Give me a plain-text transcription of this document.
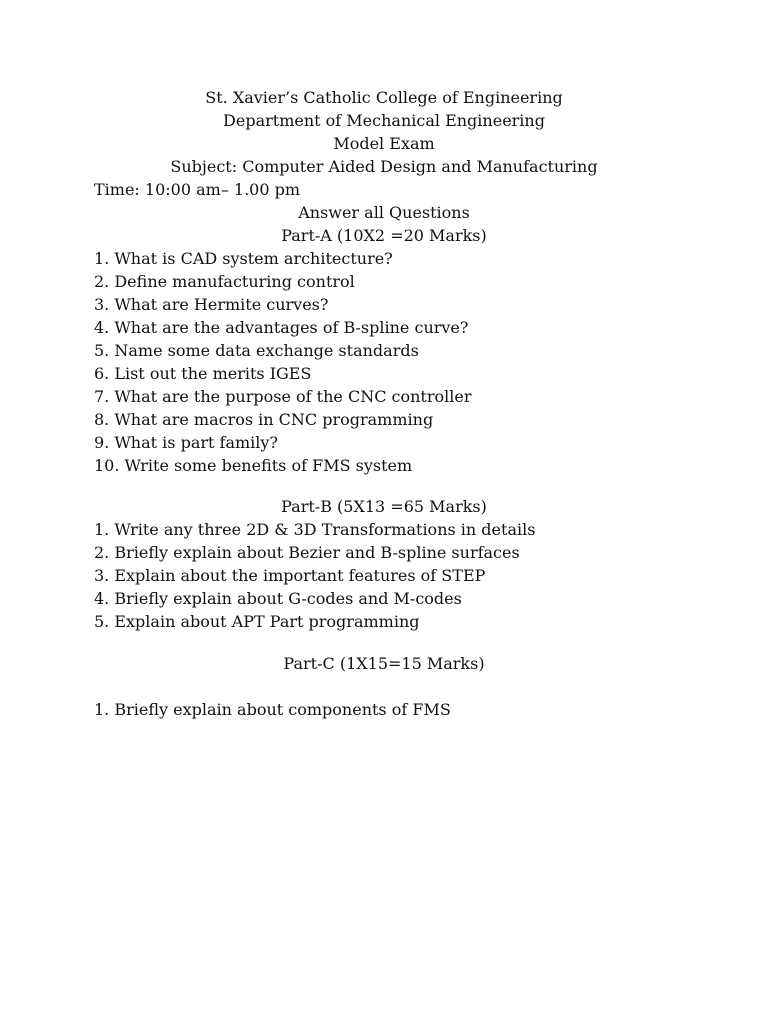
St. Xavier’s Catholic College of Engineering
Department of Mechanical Engineering
Model Exam
Subject: Computer Aided Design and Manufacturing
Time: 10:00 am– 1.00 pm
Answer all Questions
Part-A (10X2 =20 Marks)
1. What is CAD system architecture?
2. Define manufacturing control
3. What are Hermite curves?
4. What are the advantages of B-spline curve?
5. Name some data exchange standards
6. List out the merits IGES
7. What are the purpose of the CNC controller
8. What are macros in CNC programming
9. What is part family?
10. Write some benefits of FMS system
Part-B (5X13 =65 Marks)
1. Write any three 2D & 3D Transformations in details
2. Briefly explain about Bezier and B-spline surfaces
3. Explain about the important features of STEP
4. Briefly explain about G-codes and M-codes
5. Explain about APT Part programming
Part-C (1X15=15 Marks)
1. Briefly explain about components of FMS
